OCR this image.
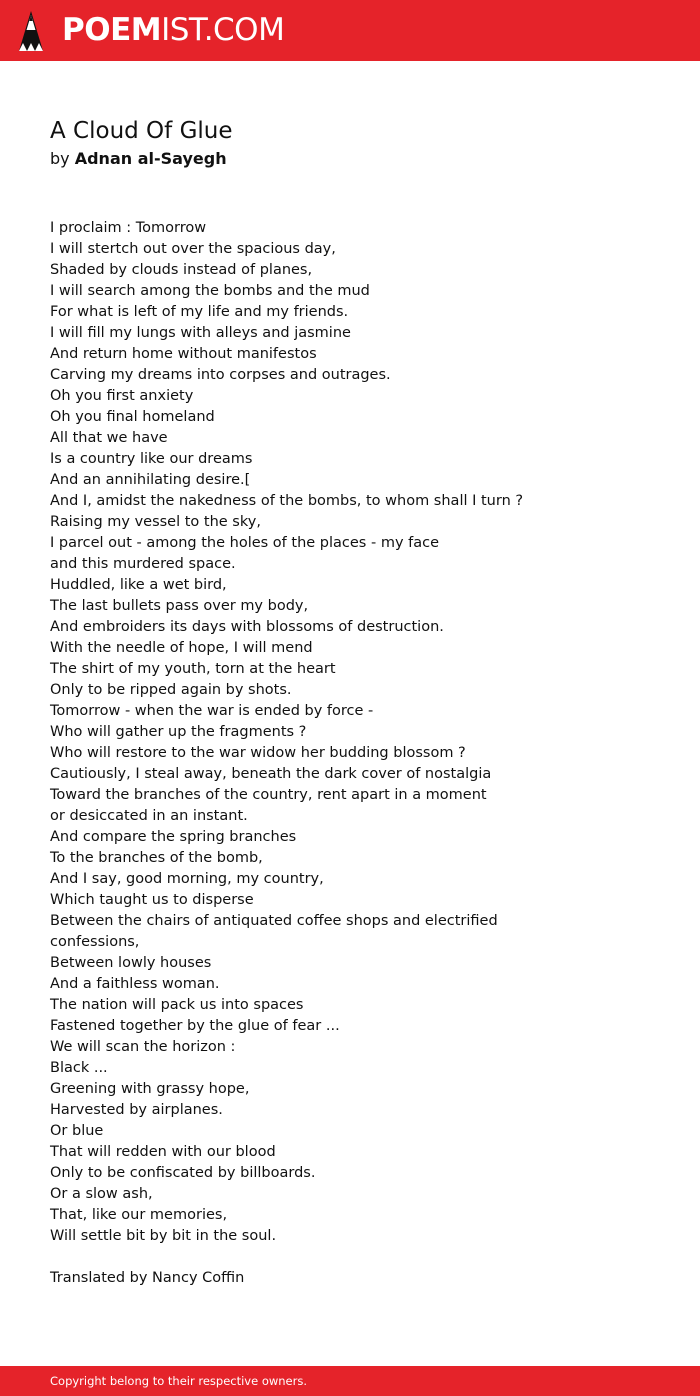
POEMIST.COM
A Cloud Of Glue
by Adnan al-Sayegh
I proclaim : Tomorrow
I will stertch out over the spacious day,
Shaded by clouds instead of planes,
I will search among the bombs and the mud
For what is left of my life and my friends.
I will fill my lungs with alleys and jasmine
And return home without manifestos
Carving my dreams into corpses and outrages.
Oh you first anxiety
Oh you final homeland
All that we have
Is a country like our dreams
And an annihilating desire.[
And I, amidst the nakedness of the bombs, to whom shall I turn ?
Raising my vessel to the sky,
I parcel out - among the holes of the places - my face
and this murdered space.
Huddled, like a wet bird,
The last bullets pass over my body,
And embroiders its days with blossoms of destruction.
With the needle of hope, I will mend
The shirt of my youth, torn at the heart
Only to be ripped again by shots.
Tomorrow - when the war is ended by force -
Who will gather up the fragments ?
Who will restore to the war widow her budding blossom ?
Cautiously, I steal away, beneath the dark cover of nostalgia
Toward the branches of the country, rent apart in a moment
or desiccated in an instant.
And compare the spring branches
To the branches of the bomb,
And I say, good morning, my country,
Which taught us to disperse
Between the chairs of antiquated coffee shops and electrified
confessions,
Between lowly houses
And a faithless woman.
The nation will pack us into spaces
Fastened together by the glue of fear ...
We will scan the horizon :
Black ...
Greening with grassy hope,
Harvested by airplanes.
Or blue
That will redden with our blood
Only to be confiscated by billboards.
Or a slow ash,
That, like our memories,
Will settle bit by bit in the soul.
Translated by Nancy Coffin
Copyright belong to their respective owners.
